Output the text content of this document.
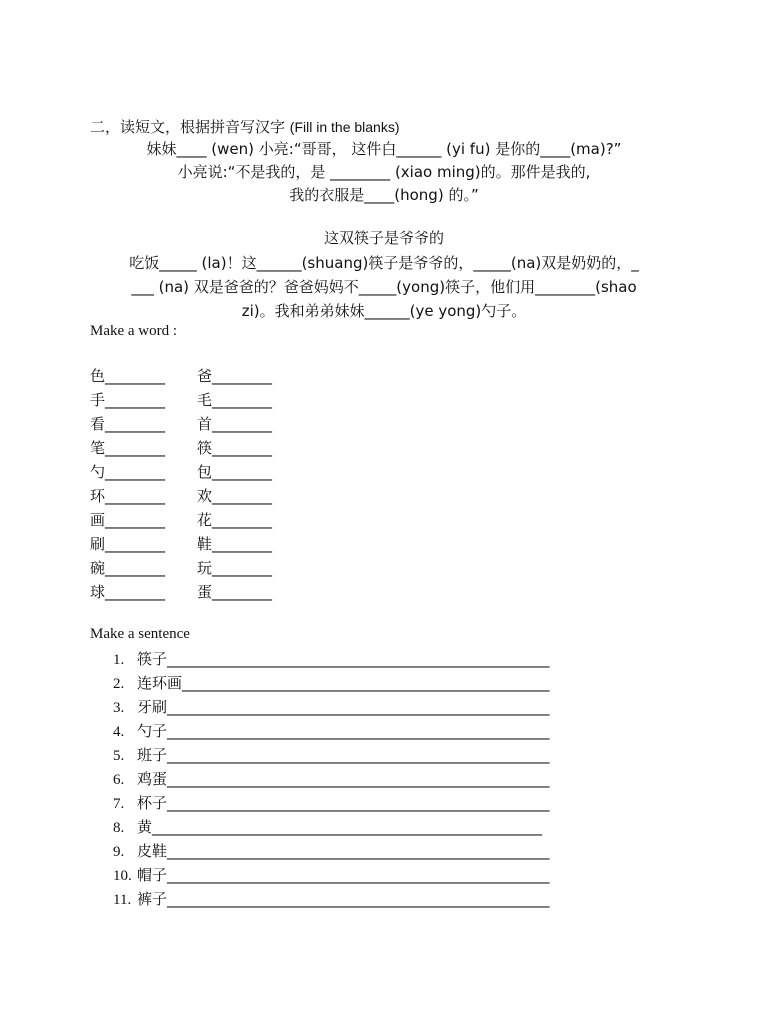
二，读短文，根据拼音写汉字 (Fill in the blanks)
妹妹____ (wen) 小亮:“哥哥， 这件白______ (yi fu) 是你的____(ma)?”
小亮说:“不是我的，是 ________ (xiao ming)的。那件是我的,
我的衣服是____(hong) 的。”
这双筷子是爷爷的
吃饭_____ (la)！这______(shuang)筷子是爷爷的，_____(na)双是奶奶的，_
___ (na) 双是爸爸的？爸爸妈妈不_____(yong)筷子，他们用________(shao
zi)。我和弟弟妹妹______(ye yong)勺子。
Make a word :
色________ 爸________
手________ 毛________
看________ 首________
笔________ 筷________
勺________ 包________
环________ 欢________
画________ 花________
刷________ 鞋________
碗________ 玩________
球________ 蛋________
Make a sentence
1. 筷子___________________________________________________
2. 连环画_________________________________________________
3. 牙刷___________________________________________________
4. 勺子___________________________________________________
5. 班子___________________________________________________
6. 鸡蛋___________________________________________________
7. 杯子___________________________________________________
8. 黄____________________________________________________
9. 皮鞋___________________________________________________
10. 帽子___________________________________________________
11. 裤子___________________________________________________
